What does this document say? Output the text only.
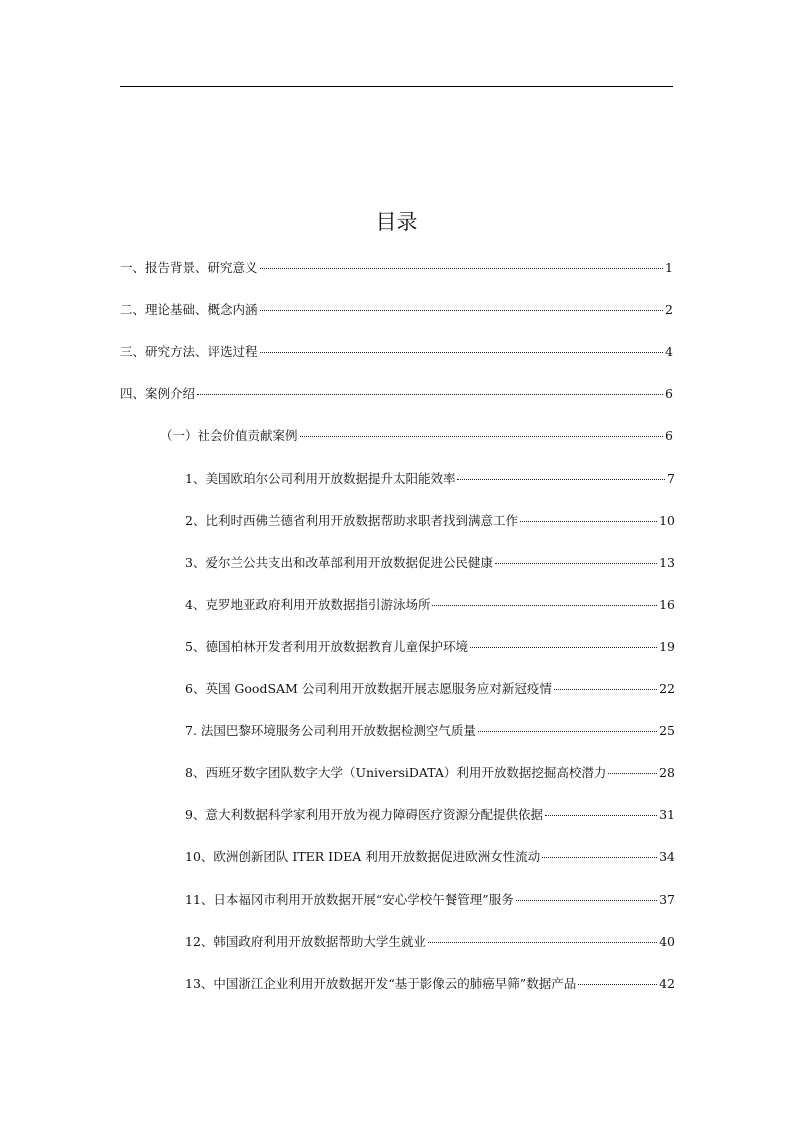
目录
一、报告背景、研究意义	1
二、理论基础、概念内涵	2
三、研究方法、评选过程	4
四、案例介绍	6
（一）社会价值贡献案例	6
1、美国欧珀尔公司利用开放数据提升太阳能效率	7
2、比利时西佛兰德省利用开放数据帮助求职者找到满意工作	10
3、爱尔兰公共支出和改革部利用开放数据促进公民健康	13
4、克罗地亚政府利用开放数据指引游泳场所	16
5、德国柏林开发者利用开放数据教育儿童保护环境	19
6、英国 GoodSAM 公司利用开放数据开展志愿服务应对新冠疫情	22
7. 法国巴黎环境服务公司利用开放数据检测空气质量	25
8、西班牙数字团队数字大学（UniversiDATA）利用开放数据挖掘高校潜力	28
9、意大利数据科学家利用开放为视力障碍医疗资源分配提供依据	31
10、欧洲创新团队 ITER IDEA 利用开放数据促进欧洲女性流动	34
11、日本福冈市利用开放数据开展“安心学校午餐管理”服务	37
12、韩国政府利用开放数据帮助大学生就业	40
13、中国浙江企业利用开放数据开发“基于影像云的肺癌早筛”数据产品	42
